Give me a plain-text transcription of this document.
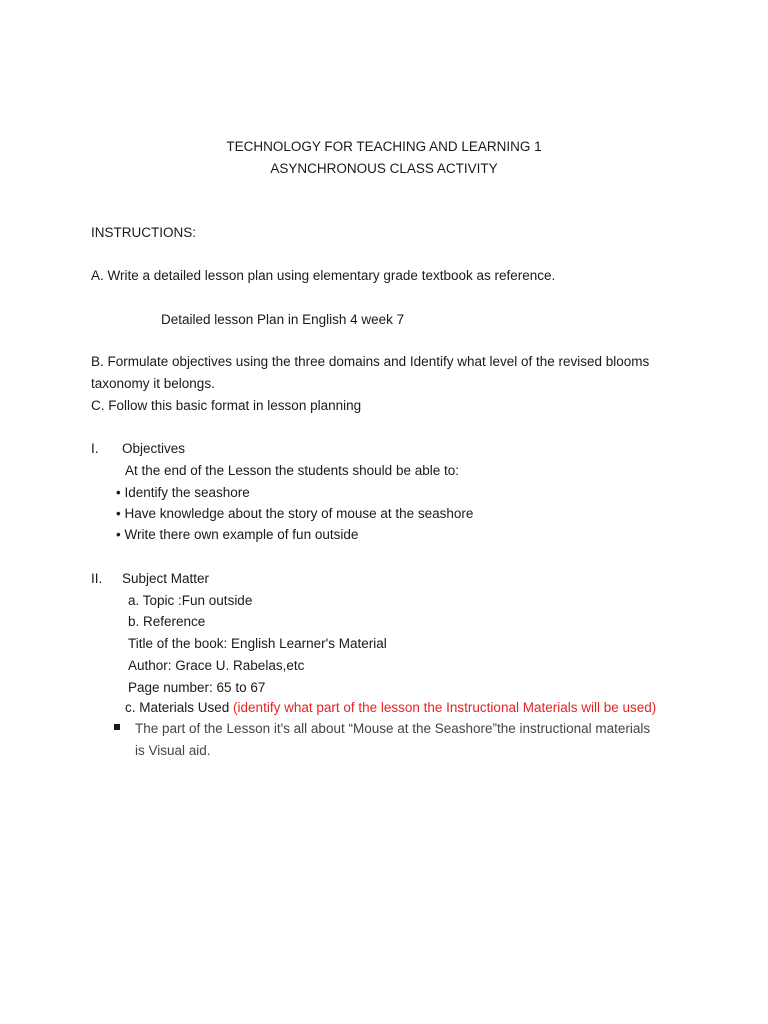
TECHNOLOGY FOR TEACHING AND LEARNING 1
ASYNCHRONOUS CLASS ACTIVITY
INSTRUCTIONS:
A. Write a detailed lesson plan using elementary grade textbook as reference.
Detailed lesson Plan in English 4 week 7
B. Formulate objectives using the three domains and Identify what level of the revised blooms
taxonomy it belongs.
C. Follow this basic format in lesson planning
I. Objectives
At the end of the Lesson the students should be able to:
• Identify the seashore
• Have knowledge about the story of mouse at the seashore
• Write there own example of fun outside
II. Subject Matter
a. Topic :Fun outside
b. Reference
Title of the book: English Learner's Material
Author: Grace U. Rabelas,etc
Page number: 65 to 67
c. Materials Used (identify what part of the lesson the Instructional Materials will be used)
The part of the Lesson it's all about “Mouse at the Seashore”the instructional materials
is Visual aid.
